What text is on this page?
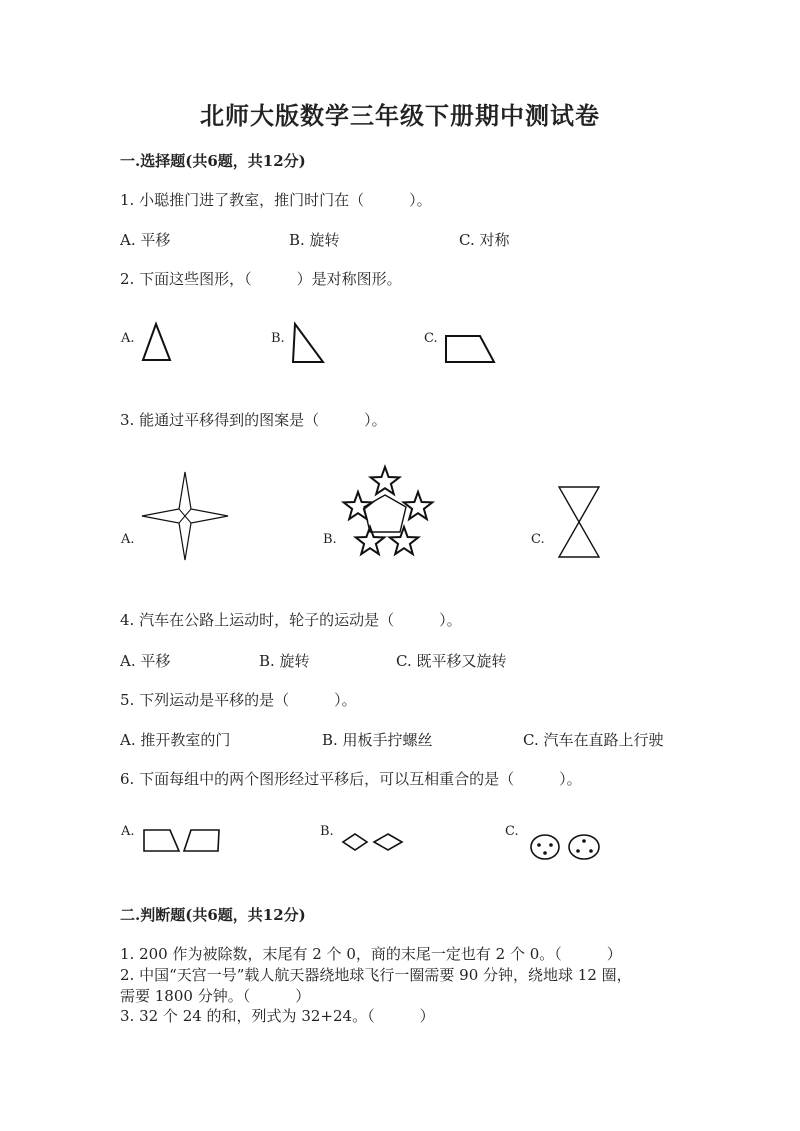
北师大版数学三年级下册期中测试卷
一.选择题(共6题，共12分)
1. 小聪推门进了教室，推门时门在（　　　）。
A. 平移	B. 旋转	C. 对称
2. 下面这些图形，（　　　）是对称图形。
A.	B.	C.
3. 能通过平移得到的图案是（　　　）。
A.	B.	C.
4. 汽车在公路上运动时，轮子的运动是（　　　）。
A. 平移	B. 旋转	C. 既平移又旋转
5. 下列运动是平移的是（　　　）。
A. 推开教室的门	B. 用板手拧螺丝	C. 汽车在直路上行驶
6. 下面每组中的两个图形经过平移后，可以互相重合的是（　　　）。
A.	B.	C.
二.判断题(共6题，共12分)
1. 200 作为被除数，末尾有 2 个 0，商的末尾一定也有 2 个 0。（　　　）
2. 中国“天宫一号”载人航天器绕地球飞行一圈需要 90 分钟，绕地球 12 圈，
需要 1800 分钟。（　　　）
3. 32 个 24 的和，列式为 32+24。（　　　）
